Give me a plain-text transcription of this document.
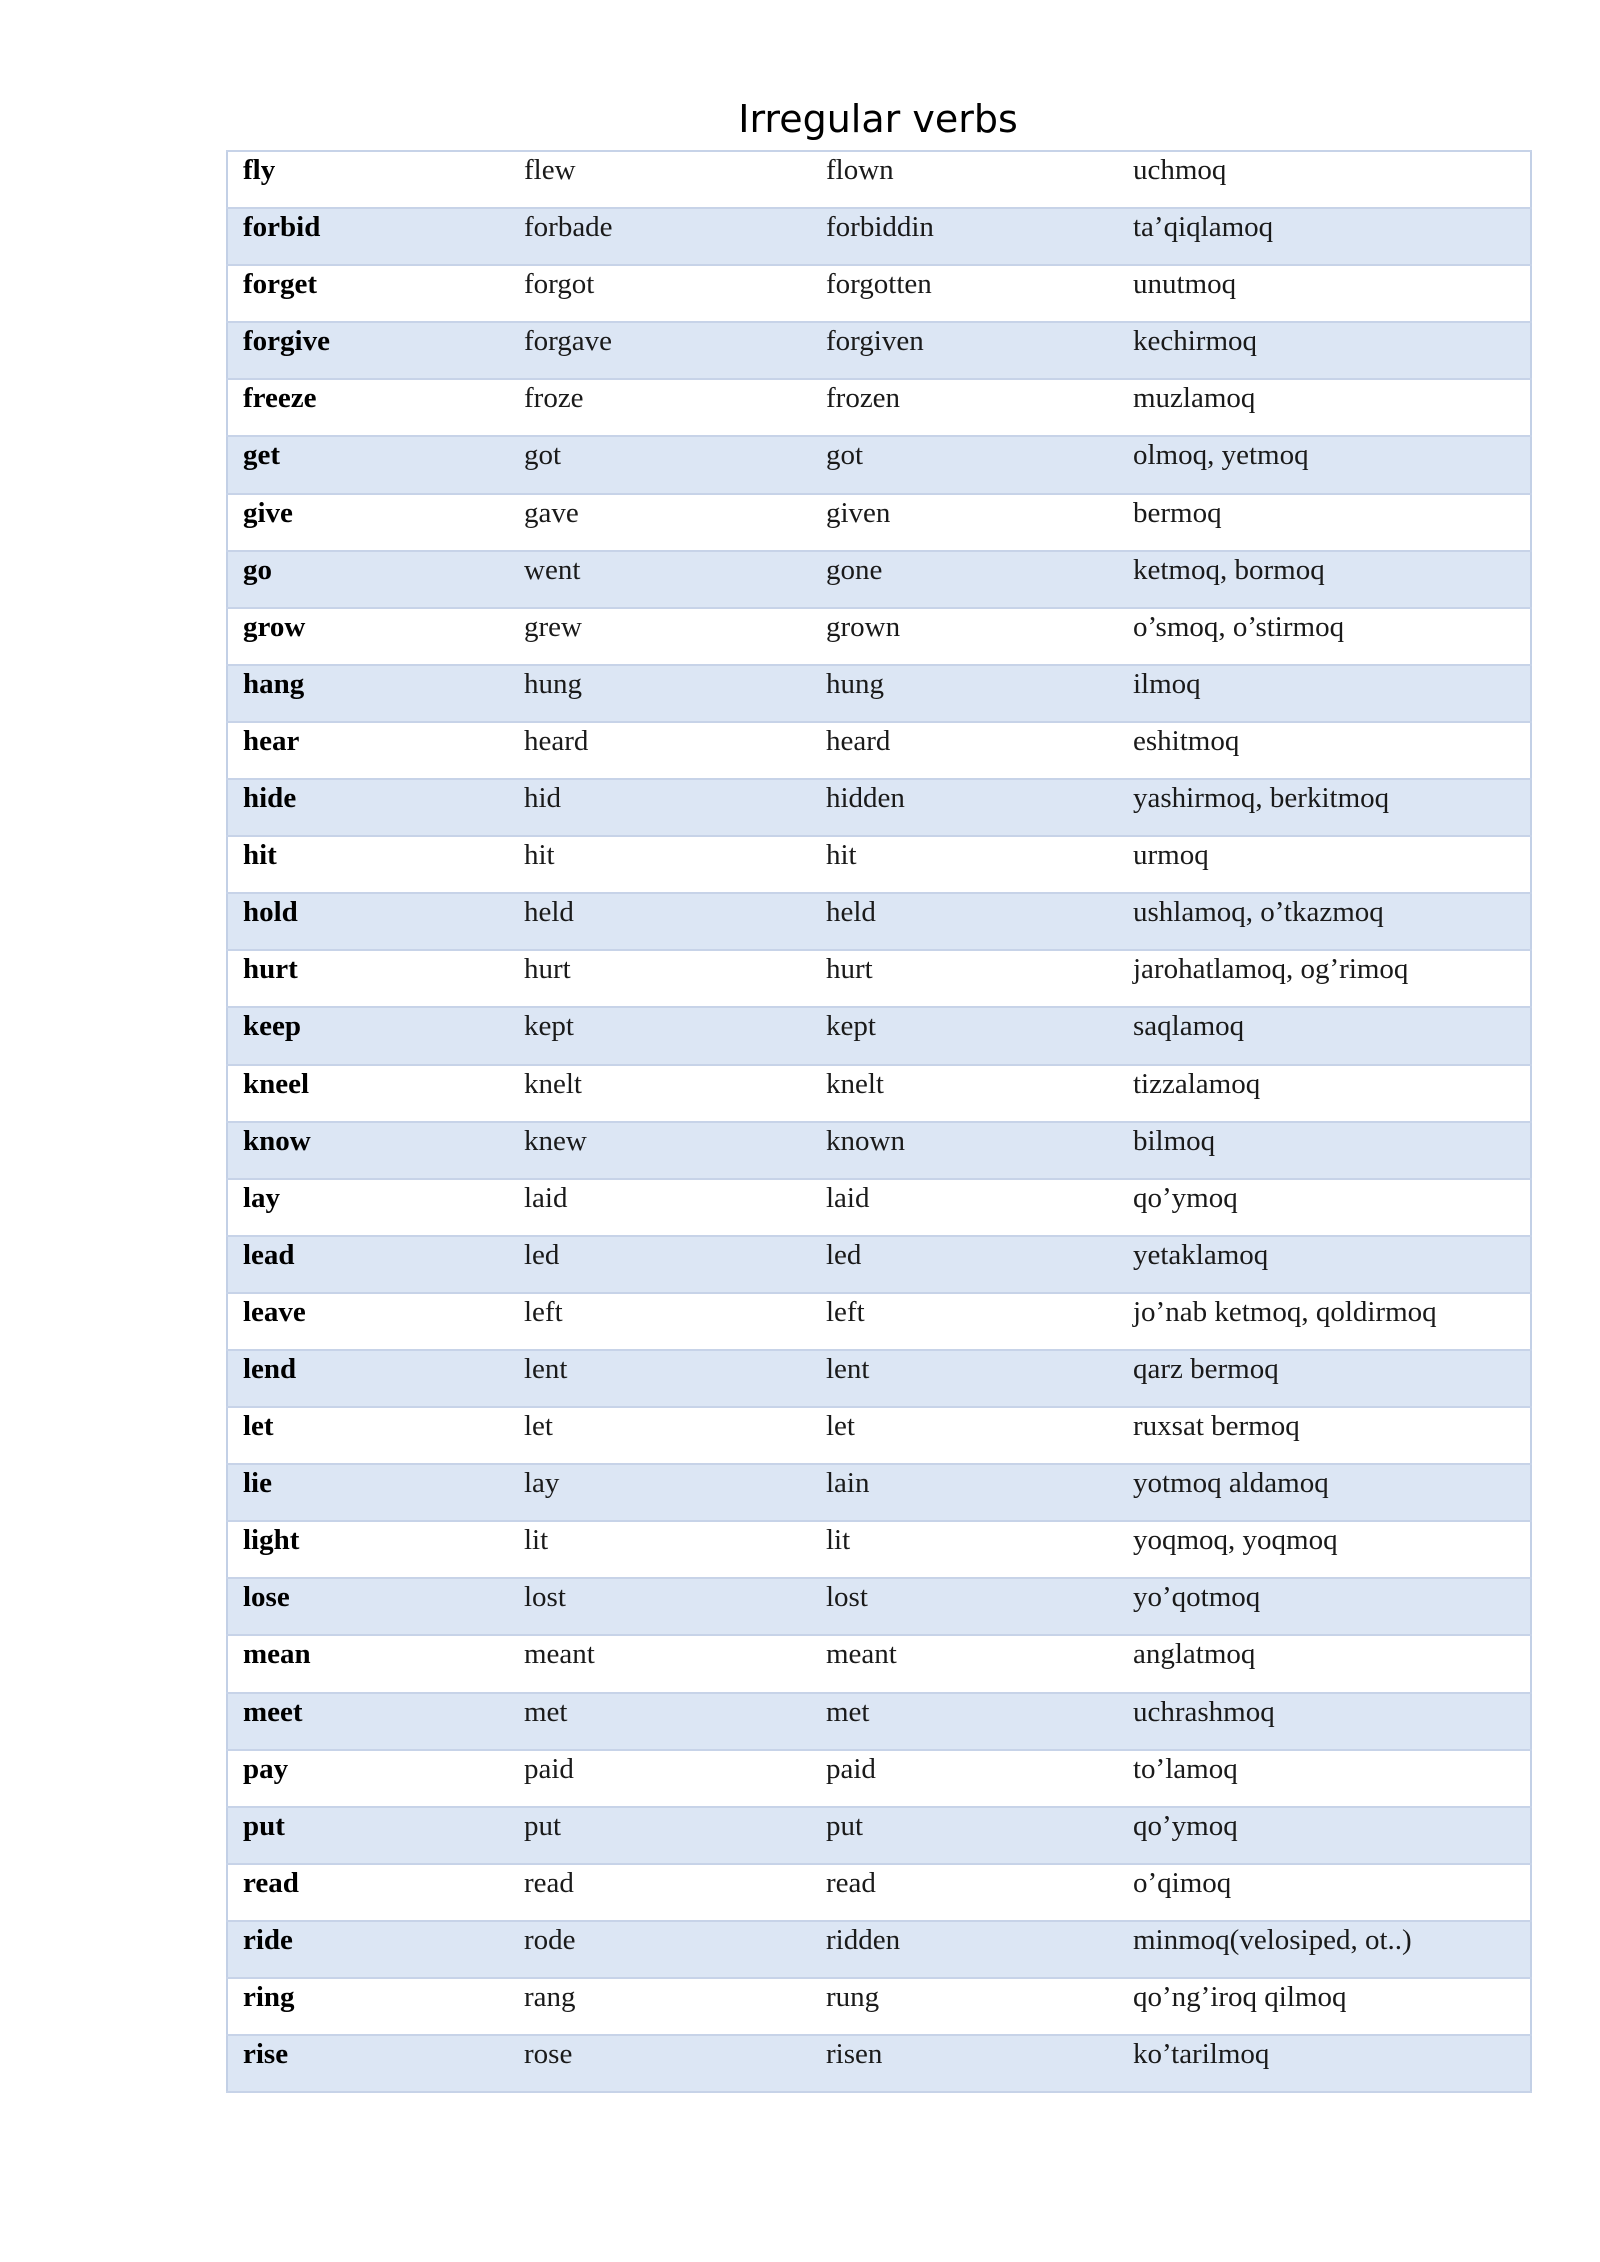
Irregular verbs
fly	flew	flown	uchmoq
forbid	forbade	forbiddin	ta’qiqlamoq
forget	forgot	forgotten	unutmoq
forgive	forgave	forgiven	kechirmoq
freeze	froze	frozen	muzlamoq
get	got	got	olmoq, yetmoq
give	gave	given	bermoq
go	went	gone	ketmoq, bormoq
grow	grew	grown	o’smoq, o’stirmoq
hang	hung	hung	ilmoq
hear	heard	heard	eshitmoq
hide	hid	hidden	yashirmoq, berkitmoq
hit	hit	hit	urmoq
hold	held	held	ushlamoq, o’tkazmoq
hurt	hurt	hurt	jarohatlamoq, og’rimoq
keep	kept	kept	saqlamoq
kneel	knelt	knelt	tizzalamoq
know	knew	known	bilmoq
lay	laid	laid	qo’ymoq
lead	led	led	yetaklamoq
leave	left	left	jo’nab ketmoq, qoldirmoq
lend	lent	lent	qarz bermoq
let	let	let	ruxsat bermoq
lie	lay	lain	yotmoq aldamoq
light	lit	lit	yoqmoq, yoqmoq
lose	lost	lost	yo’qotmoq
mean	meant	meant	anglatmoq
meet	met	met	uchrashmoq
pay	paid	paid	to’lamoq
put	put	put	qo’ymoq
read	read	read	o’qimoq
ride	rode	ridden	minmoq(velosiped, ot..)
ring	rang	rung	qo’ng’iroq qilmoq
rise	rose	risen	ko’tarilmoq
